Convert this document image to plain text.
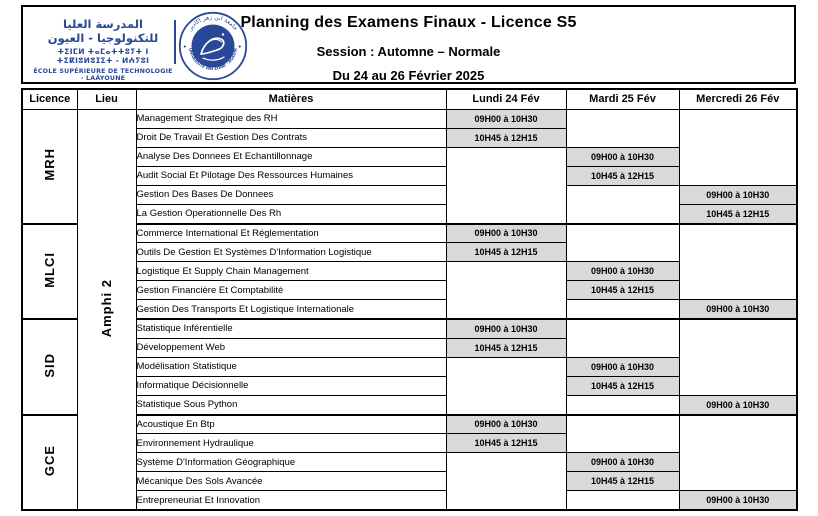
المدرسة العليا للتكنولوجيا - العيون
ⵜⵉⵏⵎⵍ ⵜⴰⵎⴰⵜⵜⵓⵢⵜ ⵏ ⵜⵉⴽⵏⵓⵍⵓⵊⵉⵜ - ⵍⵄⵢⵓⵏ
ÉCOLE SUPÉRIEURE DE TECHNOLOGIE - LAÂYOUNE
جامعة ابن زهر اكادير
UNIVERSITÉ IBN ZOHR - AGADIR
✦	✦
Planning des Examens Finaux - Licence S5
Session : Automne – Normale
Du 24 au 26 Février 2025
Licence	Lieu	Matières	Lundi 24 Fév	Mardi 25 Fév	Mercredi 26 Fév
MRH	Amphi 2	Management Strategique des RH	09H00 à 10H30		
		Droit De Travail Et Gestion Des Contrats	10H45 à 12H15		
		Analyse Des Donnees Et Echantillonnage		09H00 à 10H30	
		Audit Social Et Pilotage Des Ressources Humaines		10H45 à 12H15	
		Gestion Des Bases De Donnees			09H00 à 10H30
		La Gestion Operationnelle Des Rh			10H45 à 12H15
MLCI		Commerce International Et Réglementation	09H00 à 10H30		
		Outils De Gestion Et Systèmes D'Information Logistique	10H45 à 12H15		
		Logistique Et Supply Chain Management		09H00 à 10H30	
		Gestion Financière Et Comptabilité		10H45 à 12H15	
		Gestion Des Transports Et Logistique Internationale			09H00 à 10H30
SID		Statistique Inférentielle	09H00 à 10H30		
		Développement Web	10H45 à 12H15		
		Modélisation Statistique		09H00 à 10H30	
		Informatique Décisionnelle		10H45 à 12H15	
		Statistique Sous Python			09H00 à 10H30
GCE		Acoustique En Btp	09H00 à 10H30		
		Environnement Hydraulique	10H45 à 12H15		
		Système D'Information Géographique		09H00 à 10H30	
		Mécanique Des Sols Avancée		10H45 à 12H15	
		Entrepreneuriat Et Innovation			09H00 à 10H30
